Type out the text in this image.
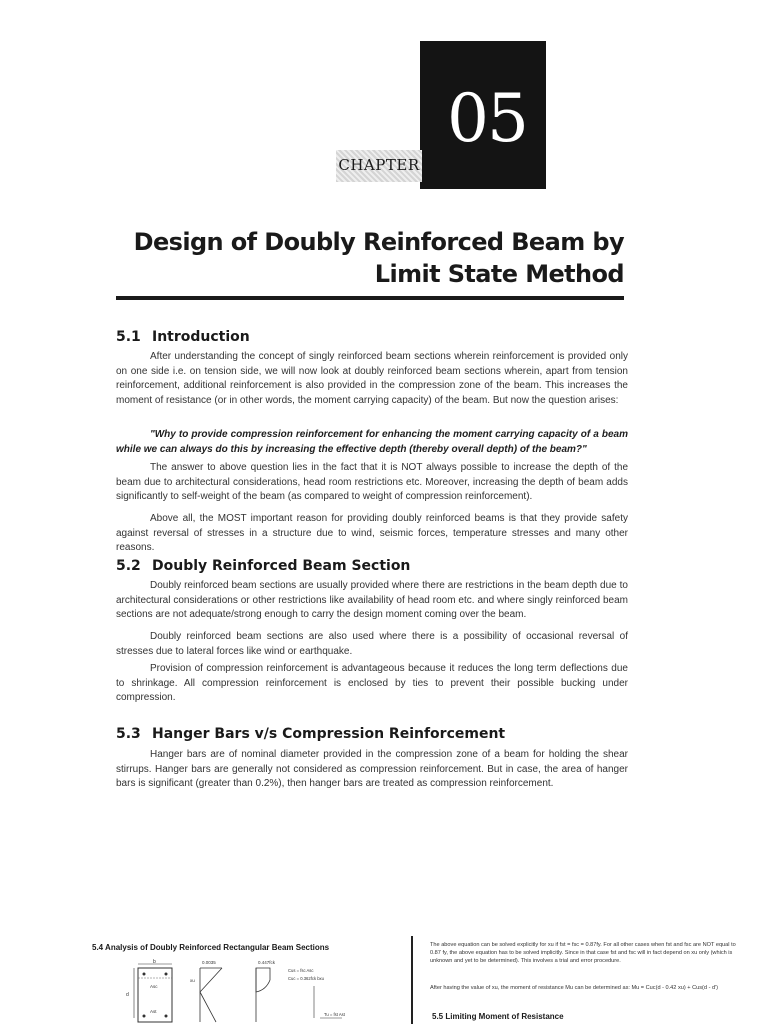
05
CHAPTER
Design of Doubly Reinforced Beam by
Limit State Method
5.1 Introduction
After understanding the concept of singly reinforced beam sections wherein reinforcement is provided only on one side i.e. on tension side, we will now look at doubly reinforced beam sections wherein, apart from tension reinforcement, additional reinforcement is also provided in the compression zone of the beam. This increases the moment of resistance (or in other words, the moment carrying capacity) of the beam. But now the question arises:
"Why to provide compression reinforcement for enhancing the moment carrying capacity of a beam while we can always do this by increasing the effective depth (thereby overall depth) of the beam?"
The answer to above question lies in the fact that it is NOT always possible to increase the depth of the beam due to architectural considerations, head room restrictions etc. Moreover, increasing the depth of beam adds significantly to self-weight of the beam (as compared to weight of compression reinforcement).
Above all, the MOST important reason for providing doubly reinforced beams is that they provide safety against reversal of stresses in a structure due to wind, seismic forces, temperature stresses and many other reasons.
5.2 Doubly Reinforced Beam Section
Doubly reinforced beam sections are usually provided where there are restrictions in the beam depth due to architectural considerations or other restrictions like availability of head room etc. and where singly reinforced beam sections are not adequate/strong enough to carry the design moment coming over the beam.
Doubly reinforced beam sections are also used where there is a possibility of occasional reversal of stresses due to lateral forces like wind or earthquake.
Provision of compression reinforcement is advantageous because it reduces the long term deflections due to shrinkage. All compression reinforcement is enclosed by ties to prevent their possible bucking under compression.
5.3 Hanger Bars v/s Compression Reinforcement
Hanger bars are of nominal diameter provided in the compression zone of a beam for holding the shear stirrups. Hanger bars are generally not considered as compression reinforcement. But in case, the area of hanger bars is significant (greater than 0.2%), then hanger bars are treated as compression reinforcement.
5.4 Analysis of Doubly Reinforced Rectangular Beam Sections
b
d
Asc
Ast
0.0035
xu
0.447fck
Cus = fsc Asc
Cuc = 0.362fck bxu
Tu = fst Ast
The above equation can be solved explicitly for xu if fst = fsc = 0.87fy. For all other cases when fst and fsc are NOT equal to 0.87 fy, the above equation has to be solved implicitly. Since in that case fst and fsc will in fact depend on xu only (which is unknown and yet to be determined). This involves a trial and error procedure.
After having the value of xu, the moment of resistance Mu can be determined as: Mu = Cuc(d - 0.42 xu) + Cus(d - d')
5.5 Limiting Moment of Resistance
